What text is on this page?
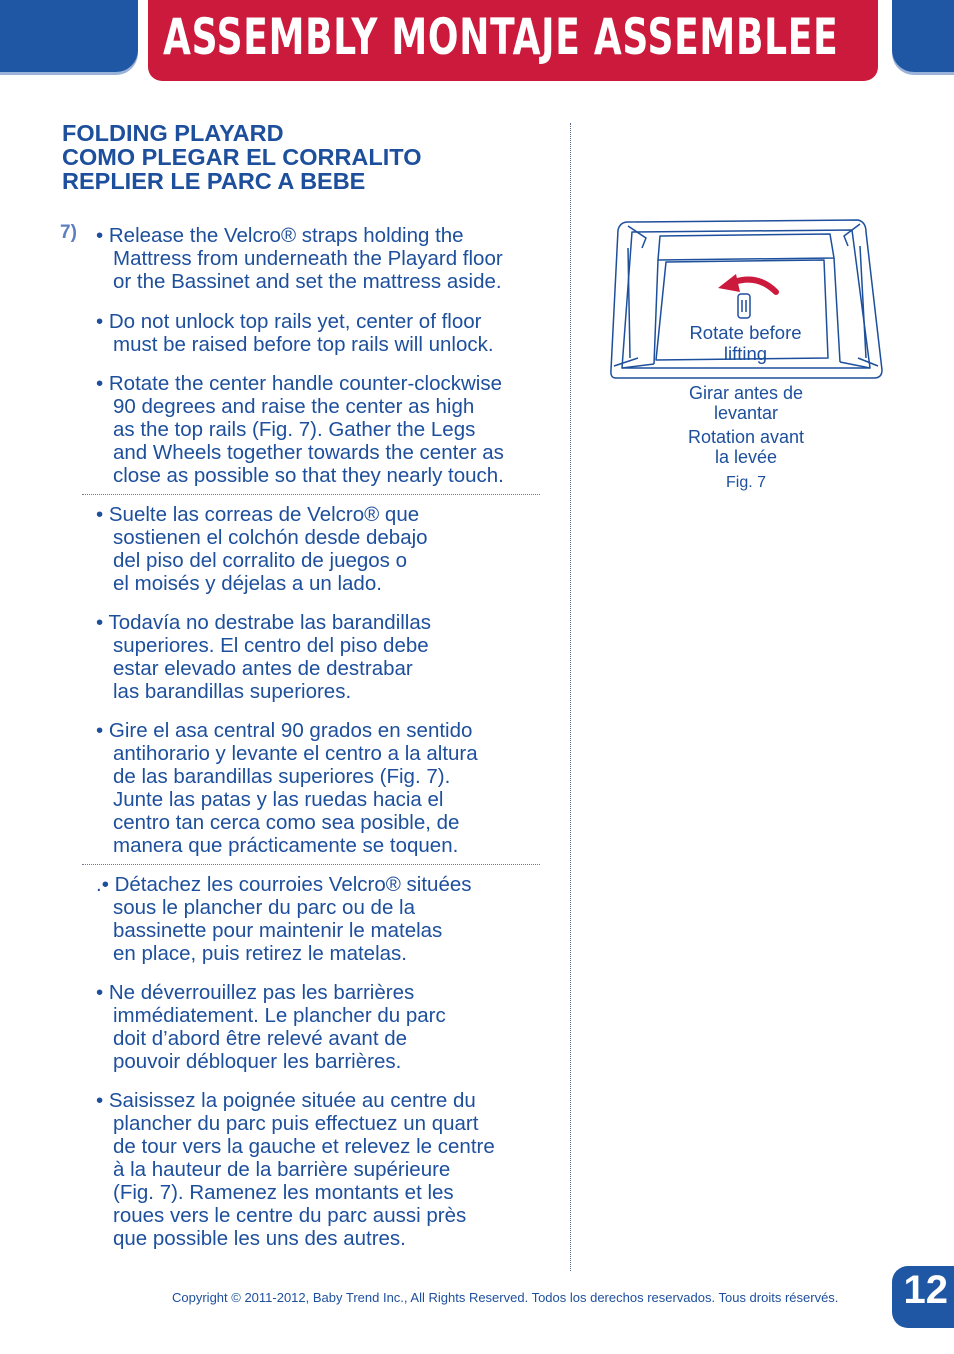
ASSEMBLY MONTAJE ASSEMBLEE
FOLDING PLAYARD
COMO PLEGAR EL CORRALITO
REPLIER LE PARC A BEBE
7) • Release the Velcro® straps holding the
Mattress from underneath the Playard floor
or the Bassinet and set the mattress aside.
• Do not unlock top rails yet, center of floor
must be raised before top rails will unlock.
• Rotate the center handle counter-clockwise
90 degrees and raise the center as high
as the top rails (Fig. 7). Gather the Legs
and Wheels together towards the center as
close as possible so that they nearly touch.
• Suelte las correas de Velcro® que
sostienen el colchón desde debajo
del piso del corralito de juegos o
el moisés y déjelas a un lado.
• Todavía no destrabe las barandillas
superiores. El centro del piso debe
estar elevado antes de destrabar
las barandillas superiores.
• Gire el asa central 90 grados en sentido
antihorario y levante el centro a la altura
de las barandillas superiores (Fig. 7).
Junte las patas y las ruedas hacia el
centro tan cerca como sea posible, de
manera que prácticamente se toquen.
.• Détachez les courroies Velcro® situées
sous le plancher du parc ou de la
bassinette pour maintenir le matelas
en place, puis retirez le matelas.
• Ne déverrouillez pas les barrières
immédiatement. Le plancher du parc
doit d’abord être relevé avant de
pouvoir débloquer les barrières.
• Saisissez la poignée située au centre du
plancher du parc puis effectuez un quart
de tour vers la gauche et relevez le centre
à la hauteur de la barrière supérieure
(Fig. 7). Ramenez les montants et les
roues vers le centre du parc aussi près
que possible les uns des autres.
Rotate before
lifting
Girar antes de
levantar
Rotation avant
la levée
Fig. 7
Copyright © 2011-2012, Baby Trend Inc., All Rights Reserved. Todos los derechos reservados. Tous droits réservés. 12
